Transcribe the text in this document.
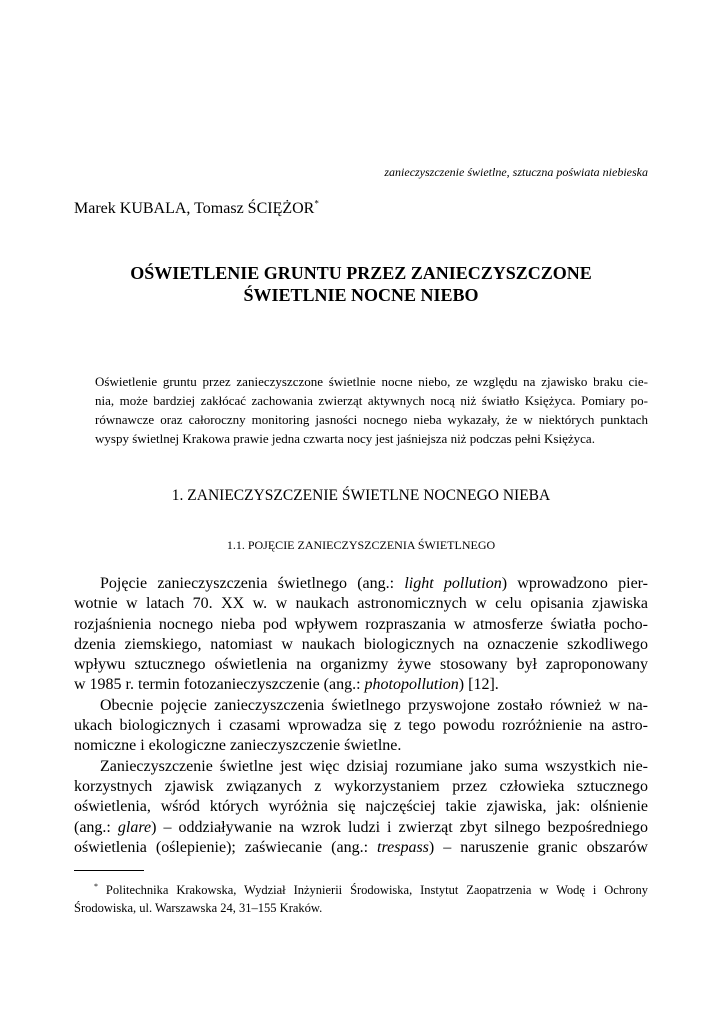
zanieczyszczenie świetlne, sztuczna poświata niebieska
Marek KUBALA, Tomasz ŚCIĘŻOR*
OŚWIETLENIE GRUNTU PRZEZ ZANIECZYSZCZONE
ŚWIETLNIE NOCNE NIEBO
Oświetlenie gruntu przez zanieczyszczone świetlnie nocne niebo, ze względu na zjawisko braku cie-
nia, może bardziej zakłócać zachowania zwierząt aktywnych nocą niż światło Księżyca. Pomiary po-
równawcze oraz całoroczny monitoring jasności nocnego nieba wykazały, że w niektórych punktach
wyspy świetlnej Krakowa prawie jedna czwarta nocy jest jaśniejsza niż podczas pełni Księżyca.
1. ZANIECZYSZCZENIE ŚWIETLNE NOCNEGO NIEBA
1.1. POJĘCIE ZANIECZYSZCZENIA ŚWIETLNEGO
Pojęcie zanieczyszczenia świetlnego (ang.: light pollution) wprowadzono pier-
wotnie w latach 70. XX w. w naukach astronomicznych w celu opisania zjawiska
rozjaśnienia nocnego nieba pod wpływem rozpraszania w atmosferze światła pocho-
dzenia ziemskiego, natomiast w naukach biologicznych na oznaczenie szkodliwego
wpływu sztucznego oświetlenia na organizmy żywe stosowany był zaproponowany
w 1985 r. termin fotozanieczyszczenie (ang.: photopollution) [12].
Obecnie pojęcie zanieczyszczenia świetlnego przyswojone zostało również w na-
ukach biologicznych i czasami wprowadza się z tego powodu rozróżnienie na astro-
nomiczne i ekologiczne zanieczyszczenie świetlne.
Zanieczyszczenie świetlne jest więc dzisiaj rozumiane jako suma wszystkich nie-
korzystnych zjawisk związanych z wykorzystaniem przez człowieka sztucznego
oświetlenia, wśród których wyróżnia się najczęściej takie zjawiska, jak: olśnienie
(ang.: glare) – oddziaływanie na wzrok ludzi i zwierząt zbyt silnego bezpośredniego
oświetlenia (oślepienie); zaświecanie (ang.: trespass) – naruszenie granic obszarów
* Politechnika Krakowska, Wydział Inżynierii Środowiska, Instytut Zaopatrzenia w Wodę i Ochrony
Środowiska, ul. Warszawska 24, 31–155 Kraków.
